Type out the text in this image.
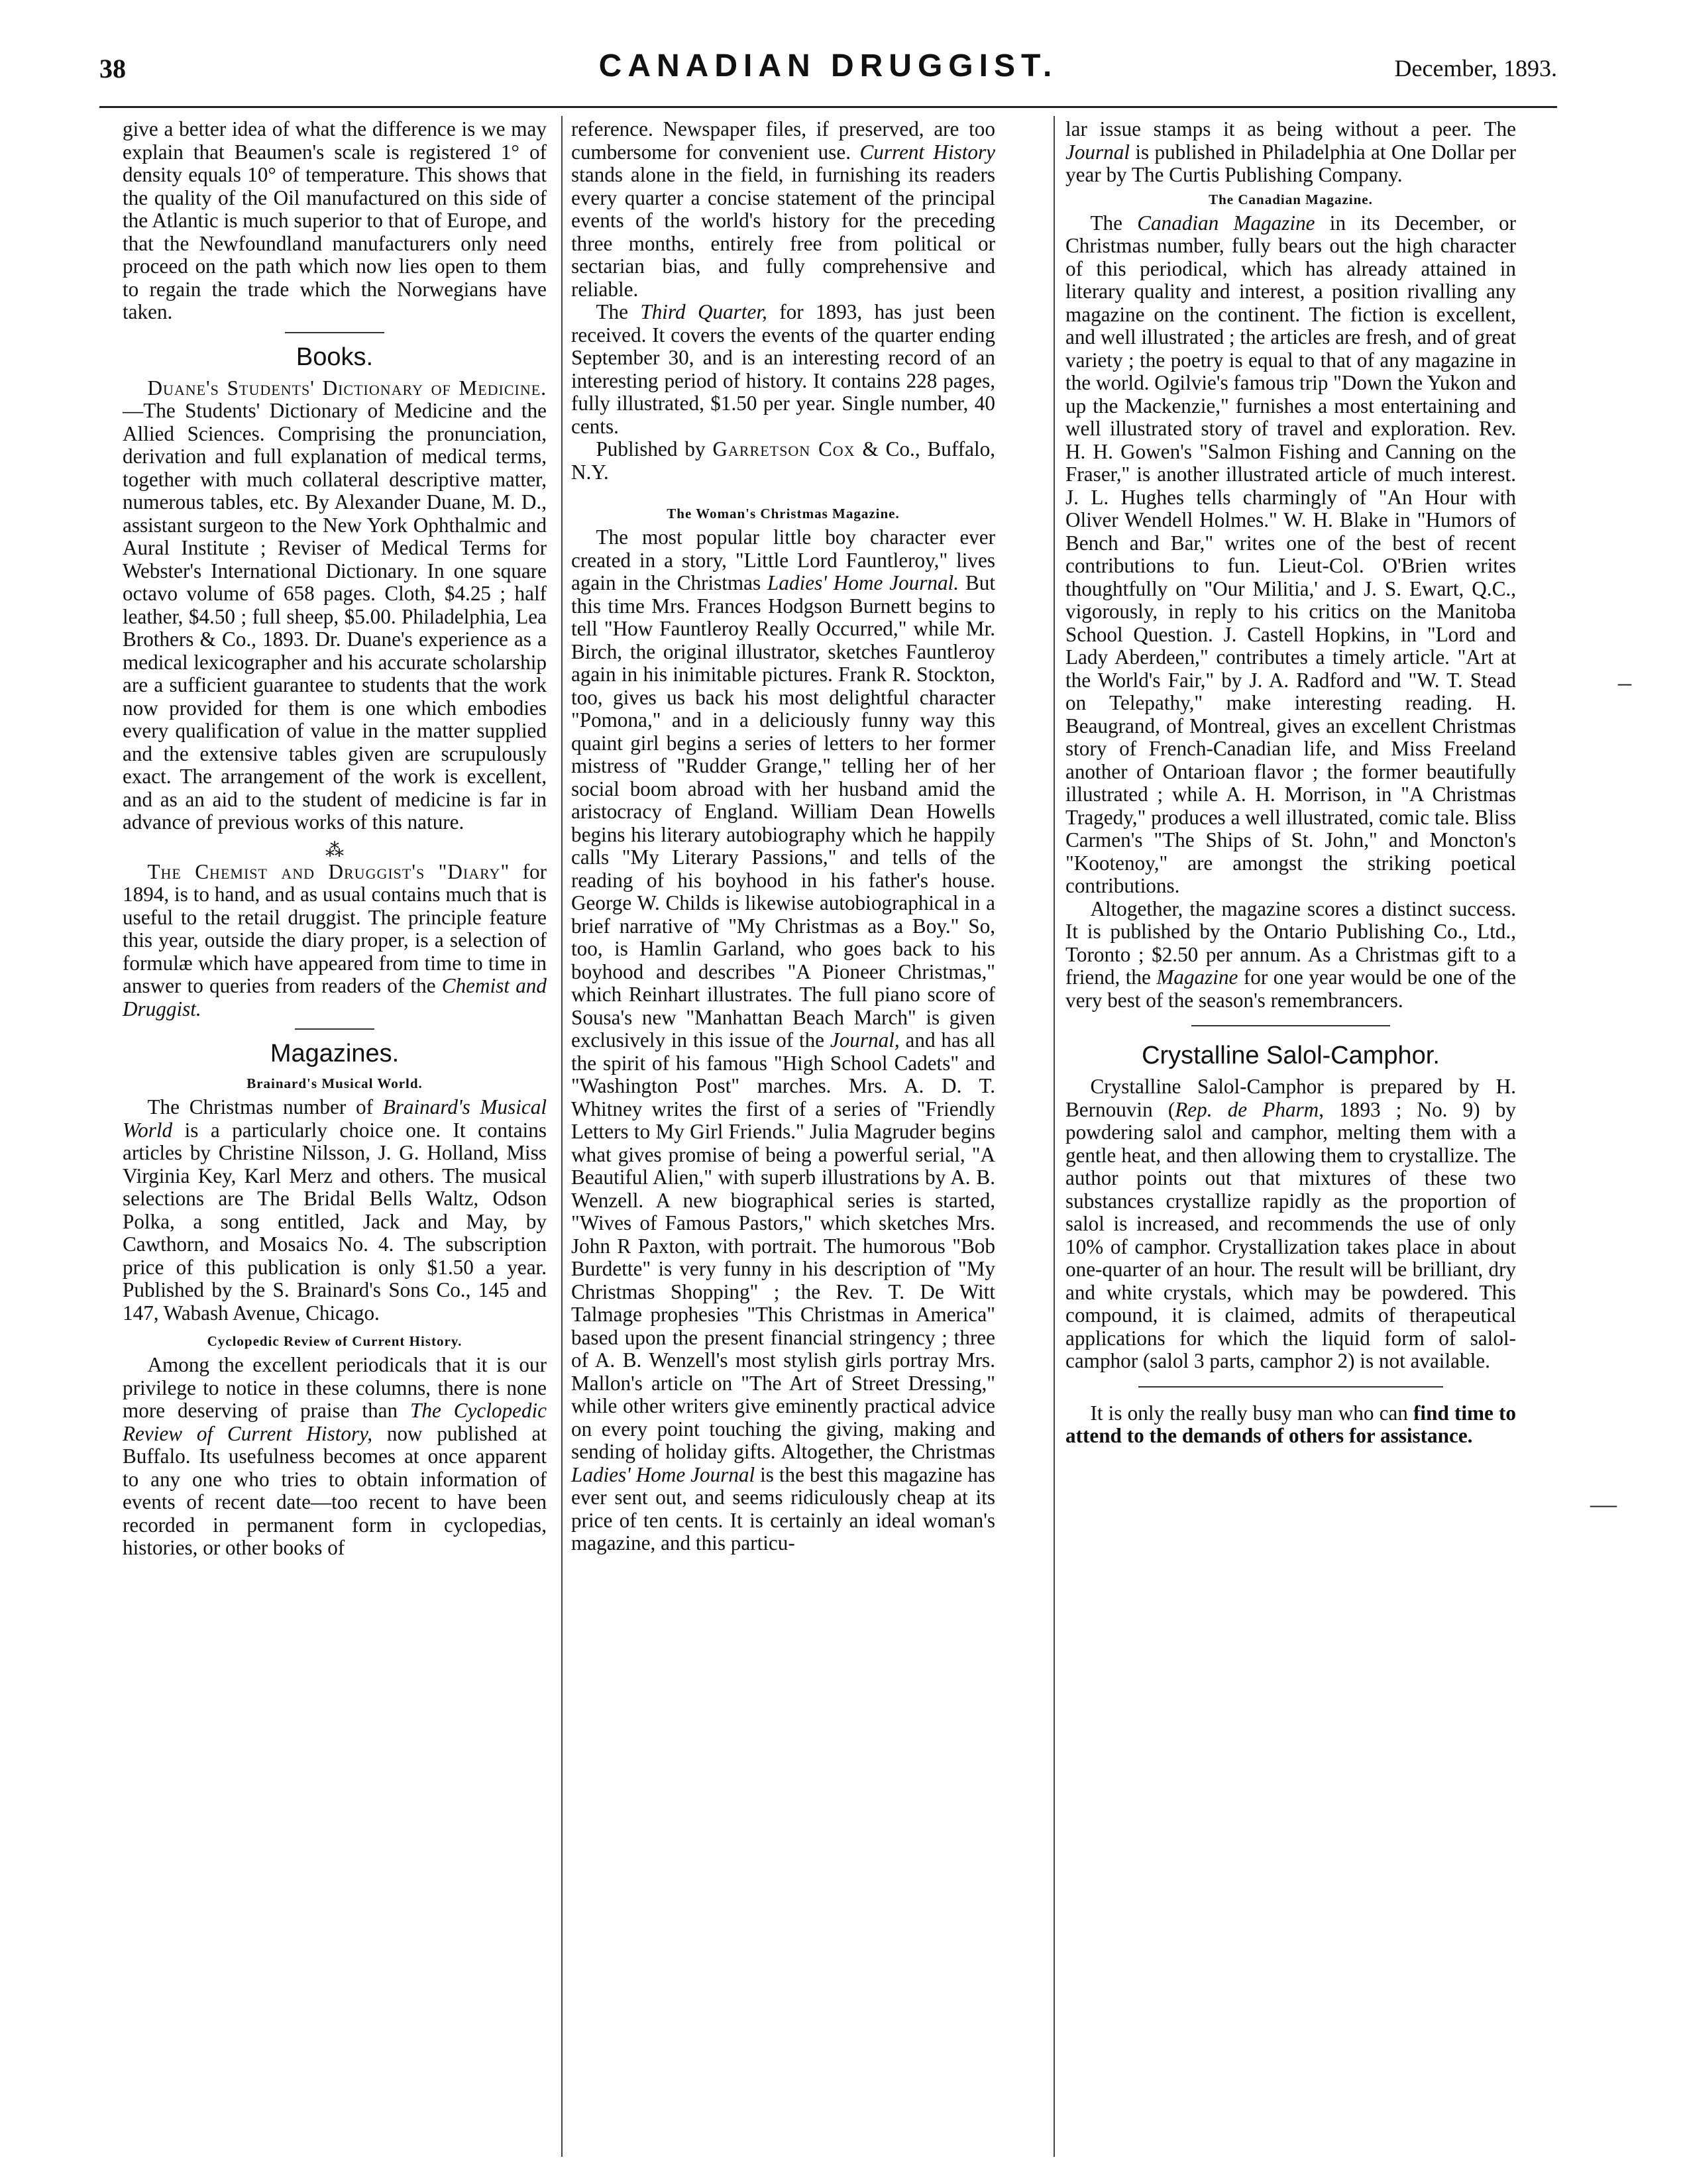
38	CANADIAN DRUGGIST.	December, 1893.

give a better idea of what the difference is we may explain that Beaumen's scale is registered 1° of density equals 10° of temperature. This shows that the quality of the Oil manufactured on this side of the Atlantic is much superior to that of Europe, and that the Newfoundland manufacturers only need proceed on the path which now lies open to them to regain the trade which the Norwegians have taken.

Books.

Duane's Students' Dictionary of Medicine.—The Students' Dictionary of Medicine and the Allied Sciences. Comprising the pronunciation, derivation and full explanation of medical terms, together with much collateral descriptive matter, numerous tables, etc. By Alexander Duane, M. D., assistant surgeon to the New York Ophthalmic and Aural Institute ; Reviser of Medical Terms for Webster's International Dictionary. In one square octavo volume of 658 pages. Cloth, $4.25 ; half leather, $4.50 ; full sheep, $5.00. Philadelphia, Lea Brothers & Co., 1893. Dr. Duane's experience as a medical lexicographer and his accurate scholarship are a sufficient guarantee to students that the work now provided for them is one which embodies every qualification of value in the matter supplied and the extensive tables given are scrupulously exact. The arrangement of the work is excellent, and as an aid to the student of medicine is far in advance of previous works of this nature.

⁂

The Chemist and Druggist's "Diary" for 1894, is to hand, and as usual contains much that is useful to the retail druggist. The principle feature this year, outside the diary proper, is a selection of formulæ which have appeared from time to time in answer to queries from readers of the Chemist and Druggist.

Magazines.
Brainard's Musical World.

The Christmas number of Brainard's Musical World is a particularly choice one. It contains articles by Christine Nilsson, J. G. Holland, Miss Virginia Key, Karl Merz and others. The musical selections are The Bridal Bells Waltz, Odson Polka, a song entitled, Jack and May, by Cawthorn, and Mosaics No. 4. The subscription price of this publication is only $1.50 a year. Published by the S. Brainard's Sons Co., 145 and 147, Wabash Avenue, Chicago.

Cyclopedic Review of Current History.

Among the excellent periodicals that it is our privilege to notice in these columns, there is none more deserving of praise than The Cyclopedic Review of Current History, now published at Buffalo. Its usefulness becomes at once apparent to any one who tries to obtain information of events of recent date—too recent to have been recorded in permanent form in cyclopedias, histories, or other books of

reference. Newspaper files, if preserved, are too cumbersome for convenient use. Current History stands alone in the field, in furnishing its readers every quarter a concise statement of the principal events of the world's history for the preceding three months, entirely free from political or sectarian bias, and fully comprehensive and reliable.

The Third Quarter, for 1893, has just been received. It covers the events of the quarter ending September 30, and is an interesting record of an interesting period of history. It contains 228 pages, fully illustrated, $1.50 per year. Single number, 40 cents.

Published by Garretson Cox & Co., Buffalo, N.Y.

The Woman's Christmas Magazine.

The most popular little boy character ever created in a story, "Little Lord Fauntleroy," lives again in the Christmas Ladies' Home Journal. But this time Mrs. Frances Hodgson Burnett begins to tell "How Fauntleroy Really Occurred," while Mr. Birch, the original illustrator, sketches Fauntleroy again in his inimitable pictures. Frank R. Stockton, too, gives us back his most delightful character "Pomona," and in a deliciously funny way this quaint girl begins a series of letters to her former mistress of "Rudder Grange," telling her of her social boom abroad with her husband amid the aristocracy of England. William Dean Howells begins his literary autobiography which he happily calls "My Literary Passions," and tells of the reading of his boyhood in his father's house. George W. Childs is likewise autobiographical in a brief narrative of "My Christmas as a Boy." So, too, is Hamlin Garland, who goes back to his boyhood and describes "A Pioneer Christmas," which Reinhart illustrates. The full piano score of Sousa's new "Manhattan Beach March" is given exclusively in this issue of the Journal, and has all the spirit of his famous "High School Cadets" and "Washington Post" marches. Mrs. A. D. T. Whitney writes the first of a series of "Friendly Letters to My Girl Friends." Julia Magruder begins what gives promise of being a powerful serial, "A Beautiful Alien," with superb illustrations by A. B. Wenzell. A new biographical series is started, "Wives of Famous Pastors," which sketches Mrs. John R Paxton, with portrait. The humorous "Bob Burdette" is very funny in his description of "My Christmas Shopping" ; the Rev. T. De Witt Talmage prophesies "This Christmas in America" based upon the present financial stringency ; three of A. B. Wenzell's most stylish girls portray Mrs. Mallon's article on "The Art of Street Dressing," while other writers give eminently practical advice on every point touching the giving, making and sending of holiday gifts. Altogether, the Christmas Ladies' Home Journal is the best this magazine has ever sent out, and seems ridiculously cheap at its price of ten cents. It is certainly an ideal woman's magazine, and this particu-

lar issue stamps it as being without a peer. The Journal is published in Philadelphia at One Dollar per year by The Curtis Publishing Company.

The Canadian Magazine.

The Canadian Magazine in its December, or Christmas number, fully bears out the high character of this periodical, which has already attained in literary quality and interest, a position rivalling any magazine on the continent. The fiction is excellent, and well illustrated ; the articles are fresh, and of great variety ; the poetry is equal to that of any magazine in the world. Ogilvie's famous trip "Down the Yukon and up the Mackenzie," furnishes a most entertaining and well illustrated story of travel and exploration. Rev. H. H. Gowen's "Salmon Fishing and Canning on the Fraser," is another illustrated article of much interest. J. L. Hughes tells charmingly of "An Hour with Oliver Wendell Holmes." W. H. Blake in "Humors of Bench and Bar," writes one of the best of recent contributions to fun. Lieut-Col. O'Brien writes thoughtfully on "Our Militia,' and J. S. Ewart, Q.C., vigorously, in reply to his critics on the Manitoba School Question. J. Castell Hopkins, in "Lord and Lady Aberdeen," contributes a timely article. "Art at the World's Fair," by J. A. Radford and "W. T. Stead on Telepathy," make interesting reading. H. Beaugrand, of Montreal, gives an excellent Christmas story of French-Canadian life, and Miss Freeland another of Ontarioan flavor ; the former beautifully illustrated ; while A. H. Morrison, in "A Christmas Tragedy," produces a well illustrated, comic tale. Bliss Carmen's "The Ships of St. John," and Moncton's "Kootenoy," are amongst the striking poetical contributions.

Altogether, the magazine scores a distinct success. It is published by the Ontario Publishing Co., Ltd., Toronto ; $2.50 per annum. As a Christmas gift to a friend, the Magazine for one year would be one of the very best of the season's remembrancers.

Crystalline Salol-Camphor.

Crystalline Salol-Camphor is prepared by H. Bernouvin (Rep. de Pharm, 1893 ; No. 9) by powdering salol and camphor, melting them with a gentle heat, and then allowing them to crystallize. The author points out that mixtures of these two substances crystallize rapidly as the proportion of salol is increased, and recommends the use of only 10% of camphor. Crystallization takes place in about one-quarter of an hour. The result will be brilliant, dry and white crystals, which may be powdered. This compound, it is claimed, admits of therapeutical applications for which the liquid form of salol-camphor (salol 3 parts, camphor 2) is not available.

It is only the really busy man who can find time to attend to the demands of others for assistance.

–
—
